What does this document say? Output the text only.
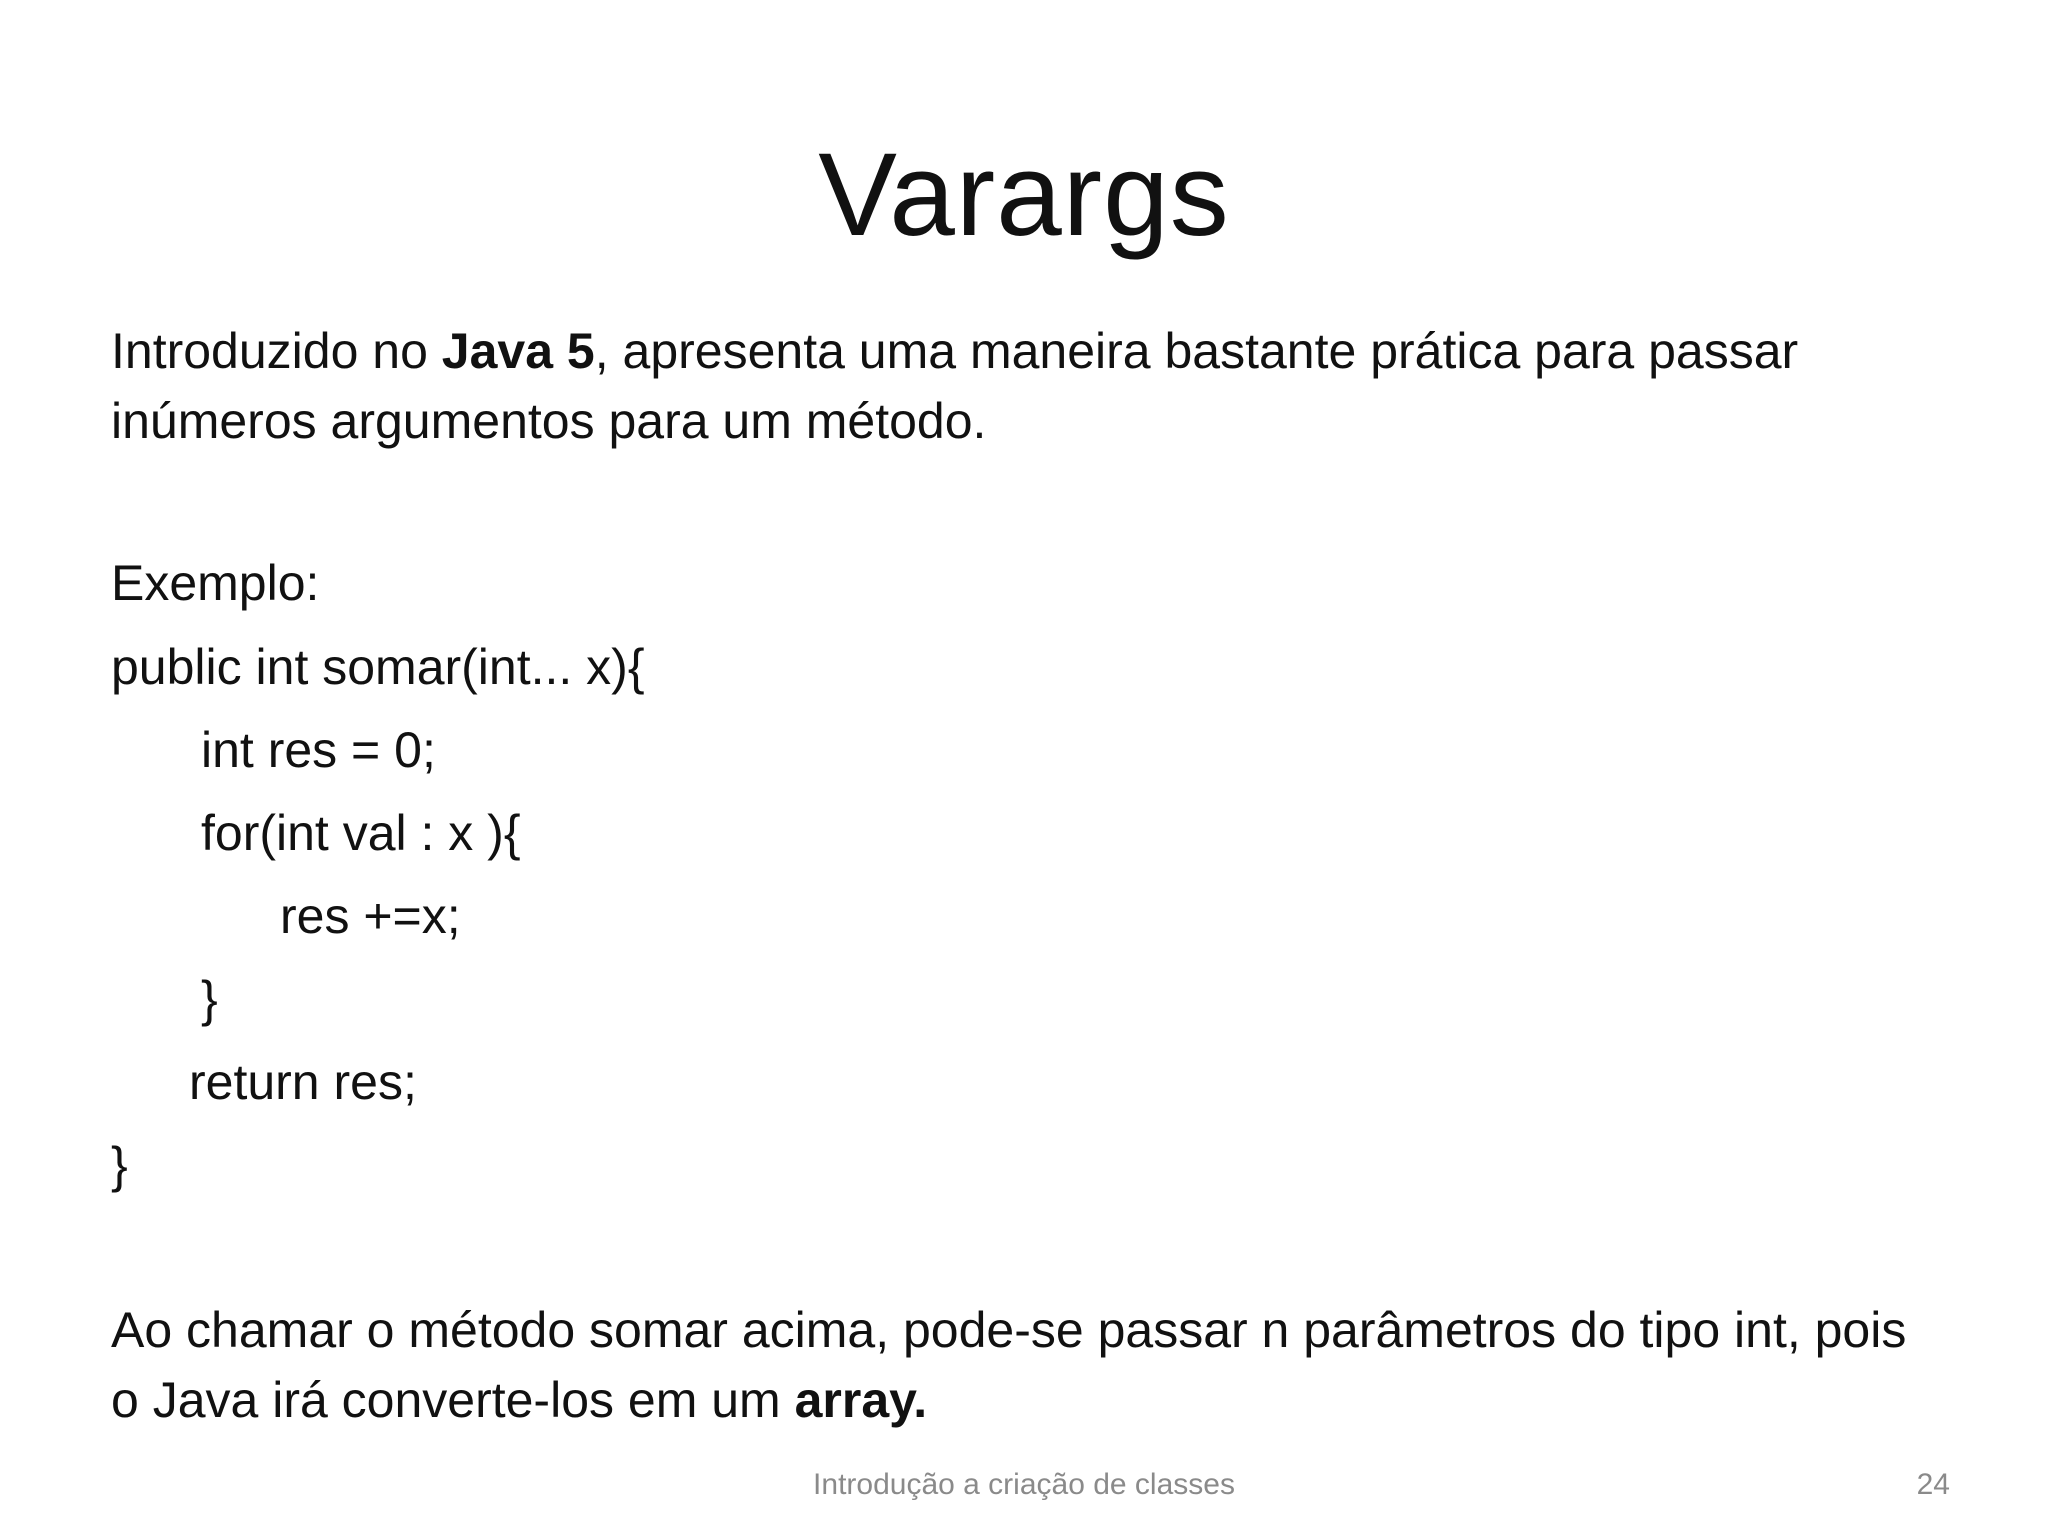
Varargs
Introduzido no Java 5, apresenta uma maneira bastante prática para passar inúmeros argumentos para um método.
Exemplo:
public int somar(int... x){
int res = 0;
for(int val : x ){
res +=x;
}
return res;
}
Ao chamar o método somar acima, pode-se passar n parâmetros do tipo int, pois o Java irá converte-los em um array.
Introdução a criação de classes	24
